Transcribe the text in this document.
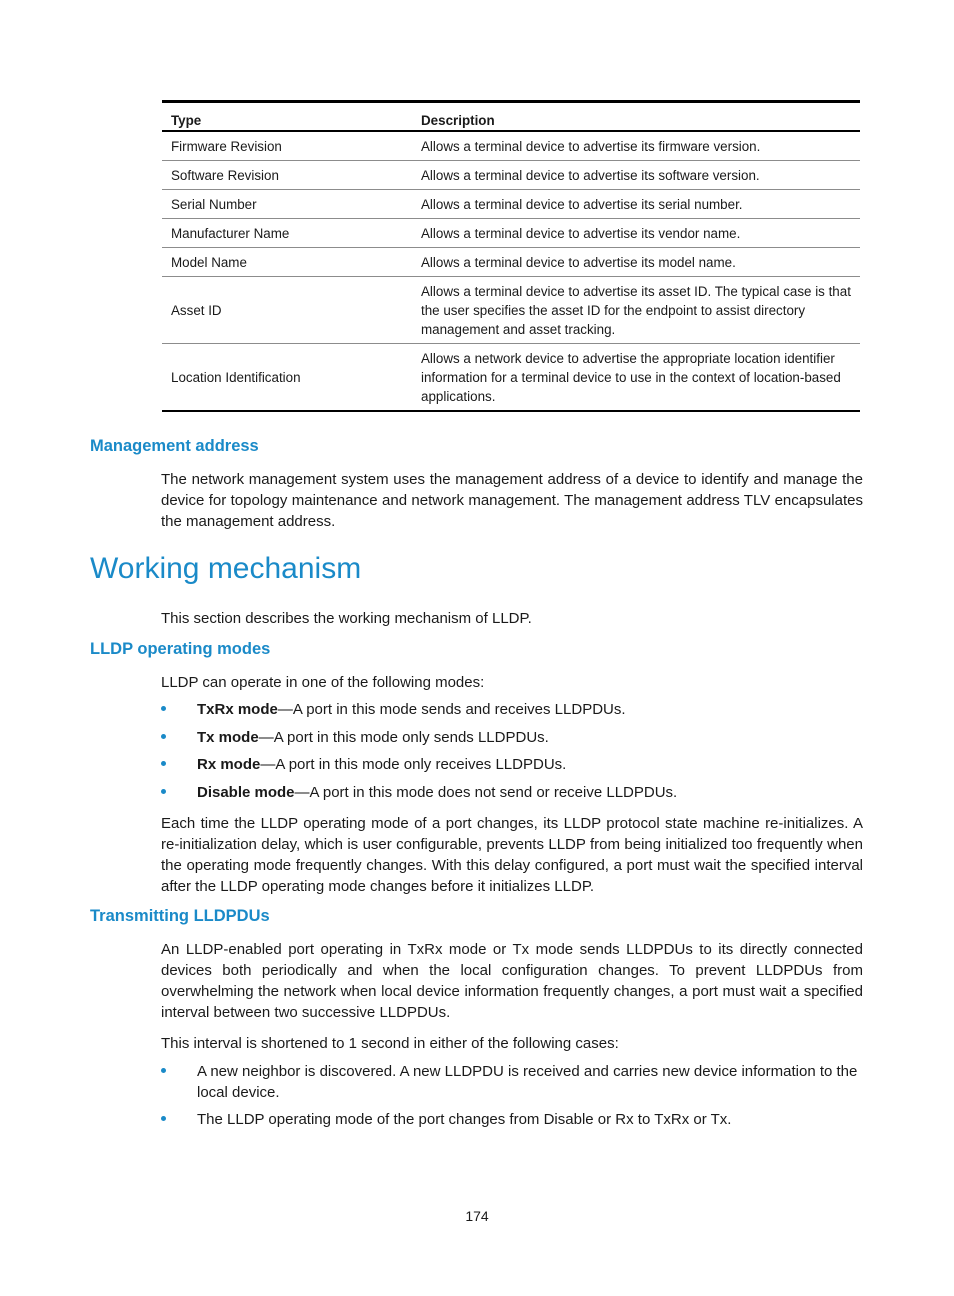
Type	Description
Firmware Revision	Allows a terminal device to advertise its firmware version.
Software Revision	Allows a terminal device to advertise its software version.
Serial Number	Allows a terminal device to advertise its serial number.
Manufacturer Name	Allows a terminal device to advertise its vendor name.
Model Name	Allows a terminal device to advertise its model name.
Asset ID	Allows a terminal device to advertise its asset ID. The typical case is that the user specifies the asset ID for the endpoint to assist directory management and asset tracking.
Location Identification	Allows a network device to advertise the appropriate location identifier information for a terminal device to use in the context of location-based applications.
Management address

The network management system uses the management address of a device to identify and manage the device for topology maintenance and network management. The management address TLV encapsulates the management address.

Working mechanism

This section describes the working mechanism of LLDP.

LLDP operating modes

LLDP can operate in one of the following modes:

TxRx mode—A port in this mode sends and receives LLDPDUs.
Tx mode—A port in this mode only sends LLDPDUs.
Rx mode—A port in this mode only receives LLDPDUs.
Disable mode—A port in this mode does not send or receive LLDPDUs.

Each time the LLDP operating mode of a port changes, its LLDP protocol state machine re-initializes. A re-initialization delay, which is user configurable, prevents LLDP from being initialized too frequently when the operating mode frequently changes. With this delay configured, a port must wait the specified interval after the LLDP operating mode changes before it initializes LLDP.

Transmitting LLDPDUs

An LLDP-enabled port operating in TxRx mode or Tx mode sends LLDPDUs to its directly connected devices both periodically and when the local configuration changes. To prevent LLDPDUs from overwhelming the network when local device information frequently changes, a port must wait a specified interval between two successive LLDPDUs.

This interval is shortened to 1 second in either of the following cases:

A new neighbor is discovered. A new LLDPDU is received and carries new device information to the local device.
The LLDP operating mode of the port changes from Disable or Rx to TxRx or Tx.
174
